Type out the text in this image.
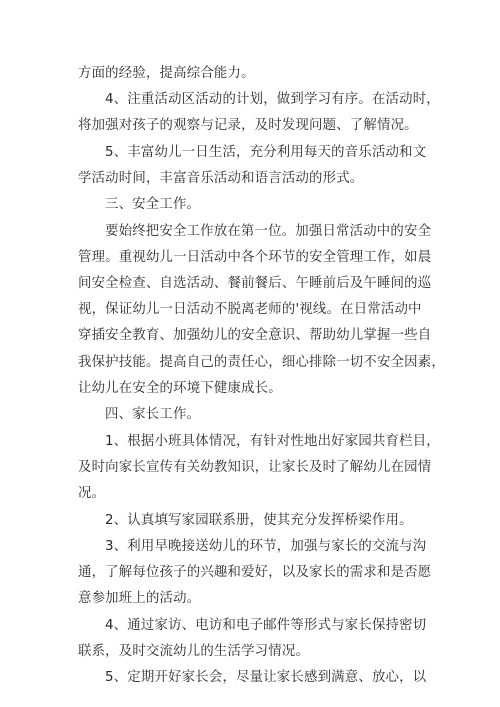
方面的经验，提高综合能力。

4、注重活动区活动的计划，做到学习有序。在活动时，

将加强对孩子的观察与记录，及时发现问题、了解情况。

5、丰富幼儿一日生活，充分利用每天的音乐活动和文

学活动时间，丰富音乐活动和语言活动的形式。

三、安全工作。

要始终把安全工作放在第一位。加强日常活动中的安全

管理。重视幼儿一日活动中各个环节的安全管理工作，如晨

间安全检查、自选活动、餐前餐后、午睡前后及午睡间的巡

视，保证幼儿一日活动不脱离老师的'视线。在日常活动中

穿插安全教育、加强幼儿的安全意识、帮助幼儿掌握一些自

我保护技能。提高自己的责任心，细心排除一切不安全因素，

让幼儿在安全的环境下健康成长。

四、家长工作。

1、根据小班具体情况，有针对性地出好家园共育栏目，

及时向家长宣传有关幼教知识，让家长及时了解幼儿在园情

况。

2、认真填写家园联系册，使其充分发挥桥梁作用。

3、利用早晚接送幼儿的环节，加强与家长的交流与沟

通，了解每位孩子的兴趣和爱好，以及家长的需求和是否愿

意参加班上的活动。

4、通过家访、电访和电子邮件等形式与家长保持密切

联系，及时交流幼儿的生活学习情况。

5、定期开好家长会，尽量让家长感到满意、放心，以
